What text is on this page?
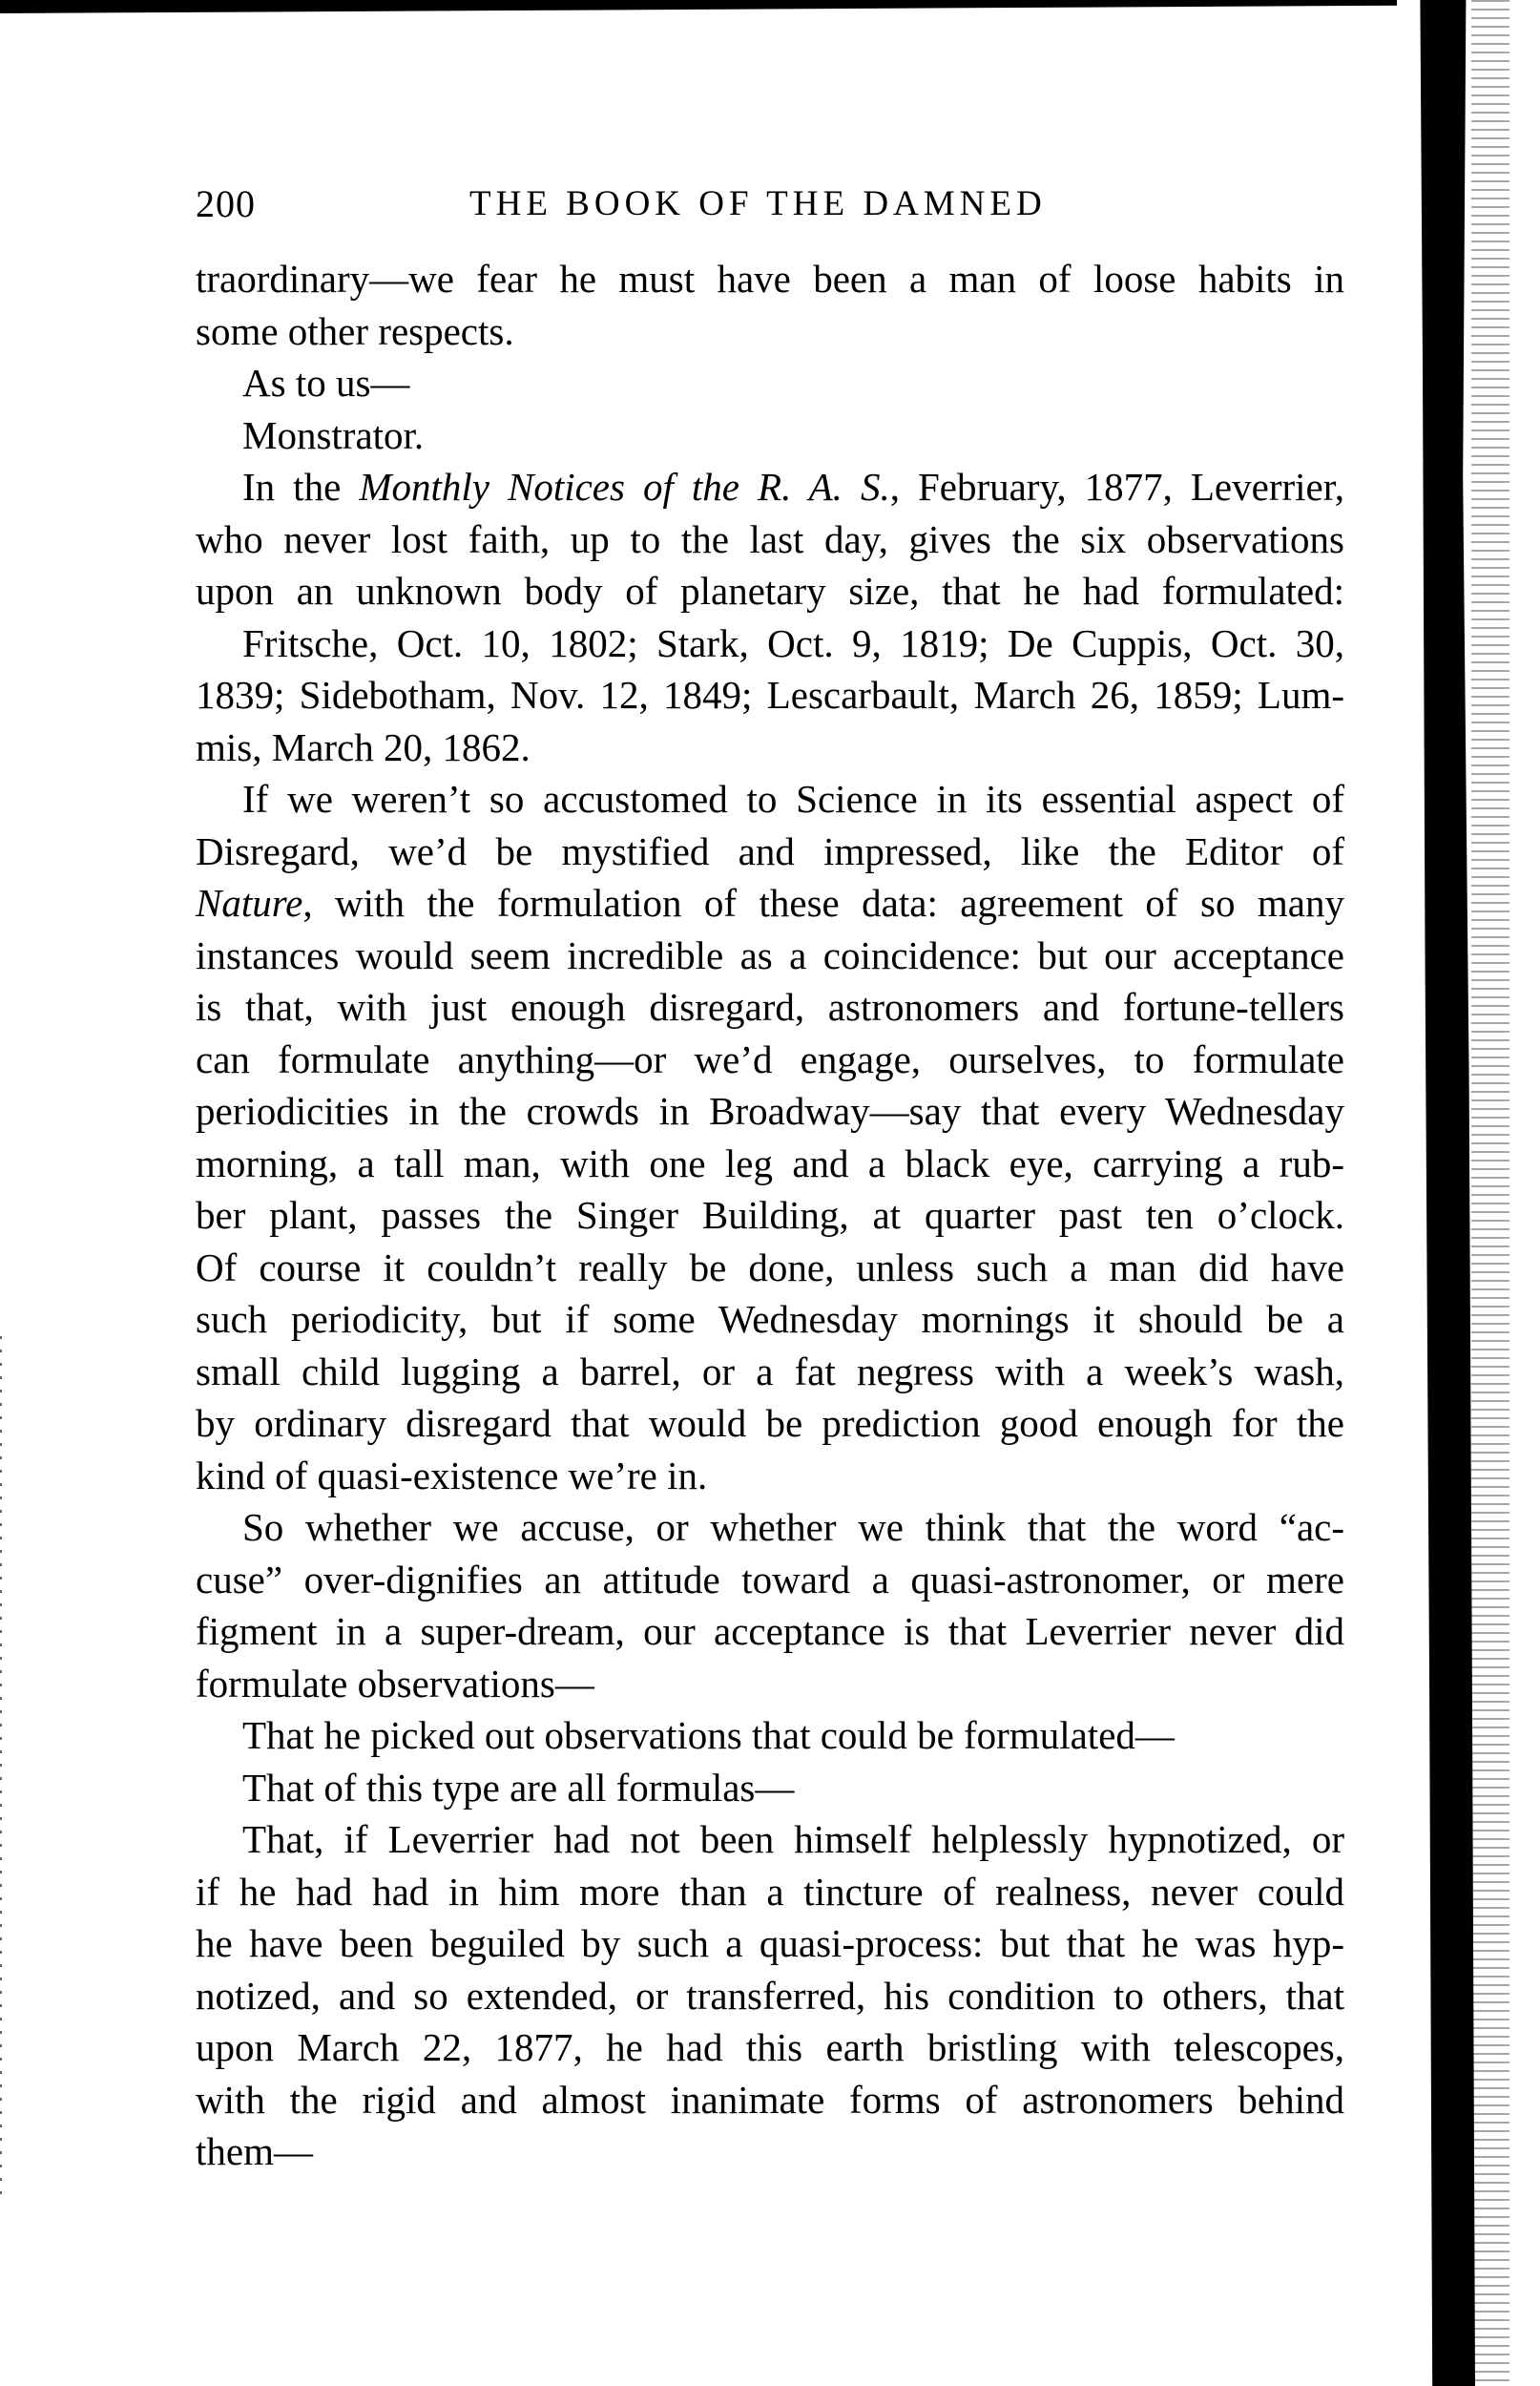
200	THE BOOK OF THE DAMNED
traordinary—we fear he must have been a man of loose habits in
some other respects.
As to us—
Monstrator.
In the Monthly Notices of the R. A. S., February, 1877, Leverrier,
who never lost faith, up to the last day, gives the six observations
upon an unknown body of planetary size, that he had formulated:
Fritsche, Oct. 10, 1802; Stark, Oct. 9, 1819; De Cuppis, Oct. 30,
1839; Sidebotham, Nov. 12, 1849; Lescarbault, March 26, 1859; Lum-
mis, March 20, 1862.
If we weren’t so accustomed to Science in its essential aspect of
Disregard, we’d be mystified and impressed, like the Editor of
Nature, with the formulation of these data: agreement of so many
instances would seem incredible as a coincidence: but our acceptance
is that, with just enough disregard, astronomers and fortune-tellers
can formulate anything—or we’d engage, ourselves, to formulate
periodicities in the crowds in Broadway—say that every Wednesday
morning, a tall man, with one leg and a black eye, carrying a rub-
ber plant, passes the Singer Building, at quarter past ten o’clock.
Of course it couldn’t really be done, unless such a man did have
such periodicity, but if some Wednesday mornings it should be a
small child lugging a barrel, or a fat negress with a week’s wash,
by ordinary disregard that would be prediction good enough for the
kind of quasi-existence we’re in.
So whether we accuse, or whether we think that the word “ac-
cuse” over-dignifies an attitude toward a quasi-astronomer, or mere
figment in a super-dream, our acceptance is that Leverrier never did
formulate observations—
That he picked out observations that could be formulated—
That of this type are all formulas—
That, if Leverrier had not been himself helplessly hypnotized, or
if he had had in him more than a tincture of realness, never could
he have been beguiled by such a quasi-process: but that he was hyp-
notized, and so extended, or transferred, his condition to others, that
upon March 22, 1877, he had this earth bristling with telescopes,
with the rigid and almost inanimate forms of astronomers behind
them—
